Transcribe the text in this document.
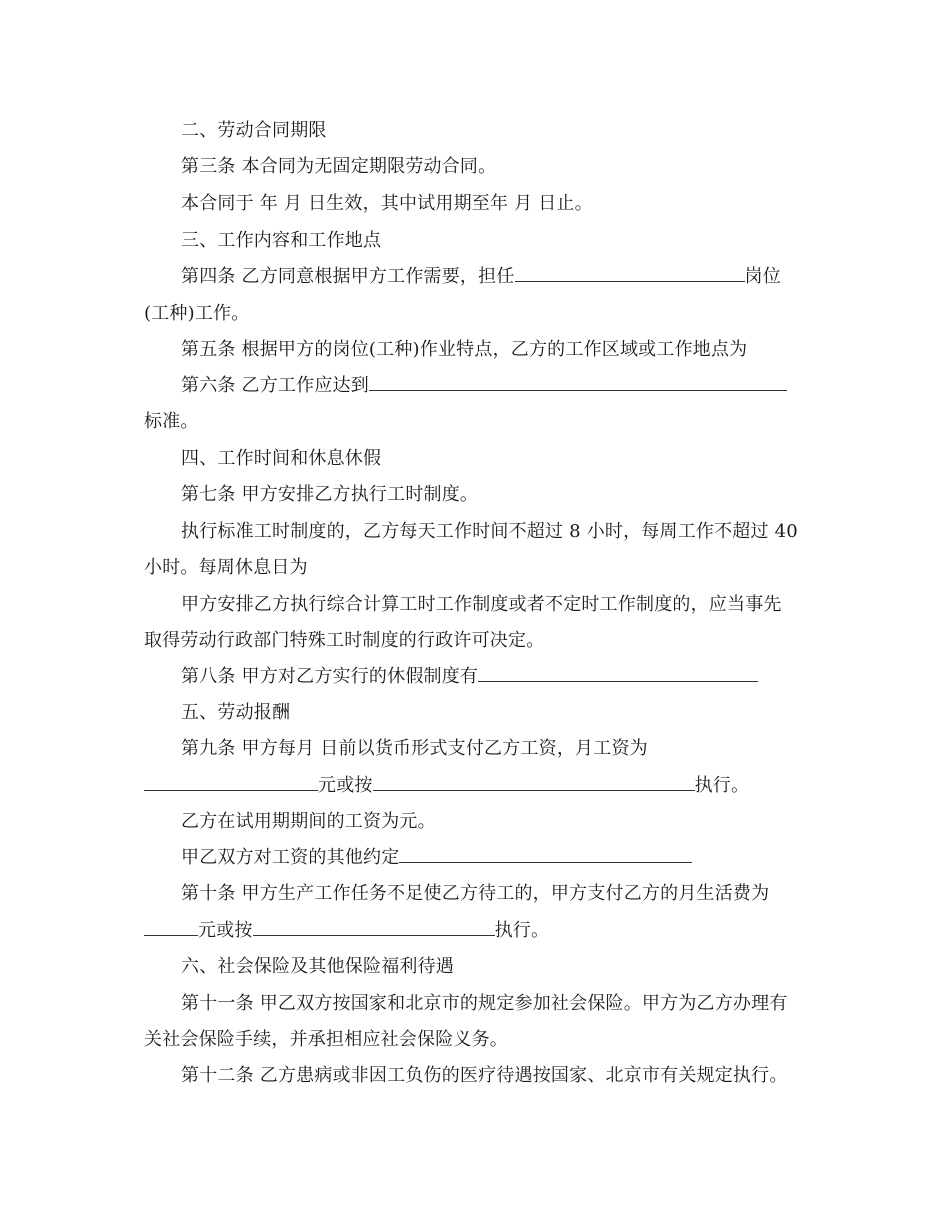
二、劳动合同期限
第三条 本合同为无固定期限劳动合同。
本合同于 年 月 日生效，其中试用期至年 月 日止。
三、工作内容和工作地点
第四条 乙方同意根据甲方工作需要，担任	岗位
(工种)工作。
第五条 根据甲方的岗位(工种)作业特点，乙方的工作区域或工作地点为
第六条 乙方工作应达到
标准。
四、工作时间和休息休假
第七条 甲方安排乙方执行工时制度。
执行标准工时制度的，乙方每天工作时间不超过 8 小时，每周工作不超过 40
小时。每周休息日为
甲方安排乙方执行综合计算工时工作制度或者不定时工作制度的，应当事先
取得劳动行政部门特殊工时制度的行政许可决定。
第八条 甲方对乙方实行的休假制度有
五、劳动报酬
第九条 甲方每月 日前以货币形式支付乙方工资，月工资为
元或按	执行。
乙方在试用期期间的工资为元。
甲乙双方对工资的其他约定
第十条 甲方生产工作任务不足使乙方待工的，甲方支付乙方的月生活费为
元或按	执行。
六、社会保险及其他保险福利待遇
第十一条 甲乙双方按国家和北京市的规定参加社会保险。甲方为乙方办理有
关社会保险手续，并承担相应社会保险义务。
第十二条 乙方患病或非因工负伤的医疗待遇按国家、北京市有关规定执行。
